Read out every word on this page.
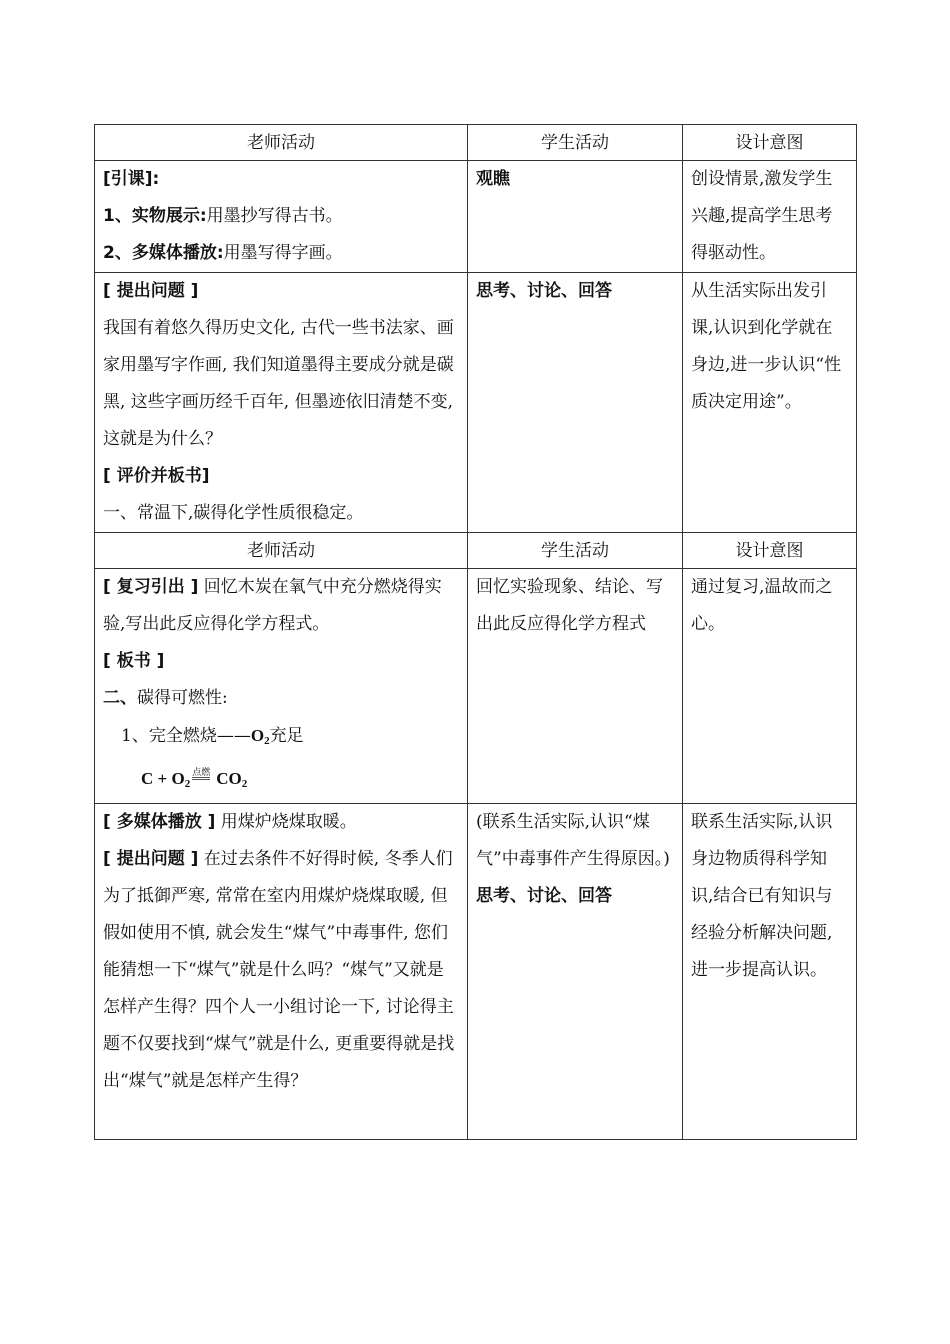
老师活动	学生活动	设计意图

[引课]:
1、实物展示:用墨抄写得古书。
2、多媒体播放:用墨写得字画。	观瞧	创设情景,激发学生兴趣,提高学生思考得驱动性。

[ 提出问题 ]
我国有着悠久得历史文化, 古代一些书法家、画家用墨写字作画, 我们知道墨得主要成分就是碳黑, 这些字画历经千百年, 但墨迹依旧清楚不变, 这就是为什么？
[ 评价并板书]
一、常温下,碳得化学性质很稳定。	思考、讨论、回答	从生活实际出发引课,认识到化学就在身边,进一步认识“性质决定用途”。

老师活动	学生活动	设计意图

[ 复习引出 ] 回忆木炭在氧气中充分燃烧得实验,写出此反应得化学方程式。
[ 板书 ]
二、碳得可燃性:
1、完全燃烧$——O_2$充足
$C + O_2$点燃 $CO_2$	回忆实验现象、结论、写出此反应得化学方程式	通过复习,温故而之心。

[ 多媒体播放 ] 用煤炉烧煤取暖。
[ 提出问题 ] 在过去条件不好得时候, 冬季人们为了抵御严寒, 常常在室内用煤炉烧煤取暖, 但假如使用不慎, 就会发生“煤气”中毒事件, 您们能猜想一下“煤气”就是什么吗？“煤气”又就是怎样产生得？四个人一小组讨论一下, 讨论得主题不仅要找到“煤气”就是什么, 更重要得就是找出“煤气”就是怎样产生得？	(联系生活实际,认识“煤气”中毒事件产生得原因。)思考、讨论、回答	联系生活实际,认识身边物质得科学知识,结合已有知识与经验分析解决问题,进一步提高认识。
